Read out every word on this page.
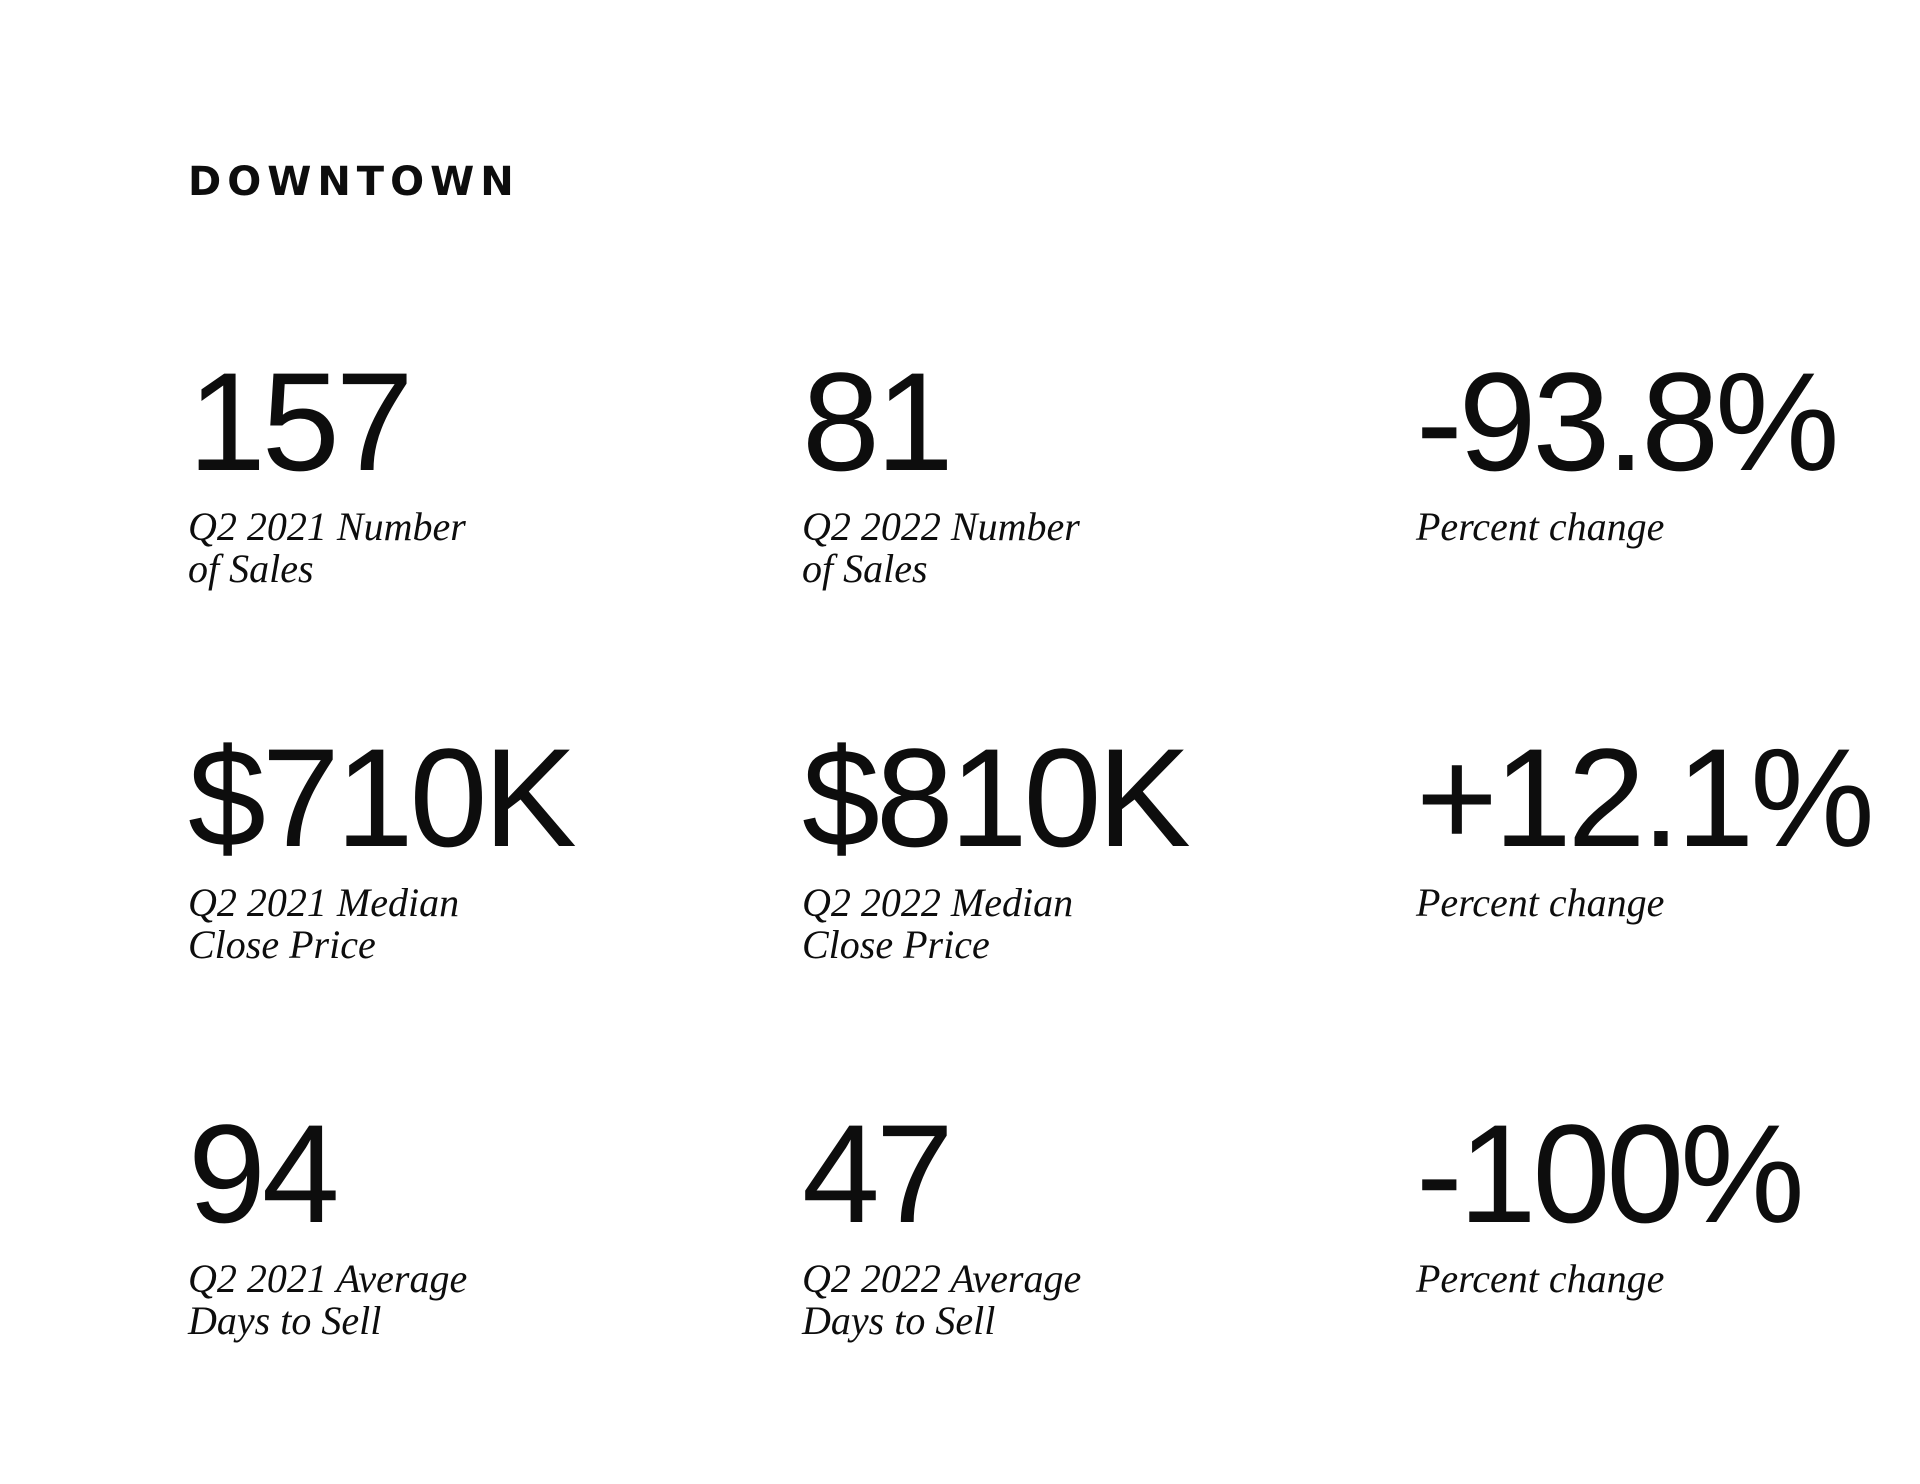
DOWNTOWN
157
Q2 2021 Number
of Sales
81
Q2 2022 Number
of Sales
-93.8%
Percent change
$710K
Q2 2021 Median
Close Price
$810K
Q2 2022 Median
Close Price
+12.1%
Percent change
94
Q2 2021 Average
Days to Sell
47
Q2 2022 Average
Days to Sell
-100%
Percent change
